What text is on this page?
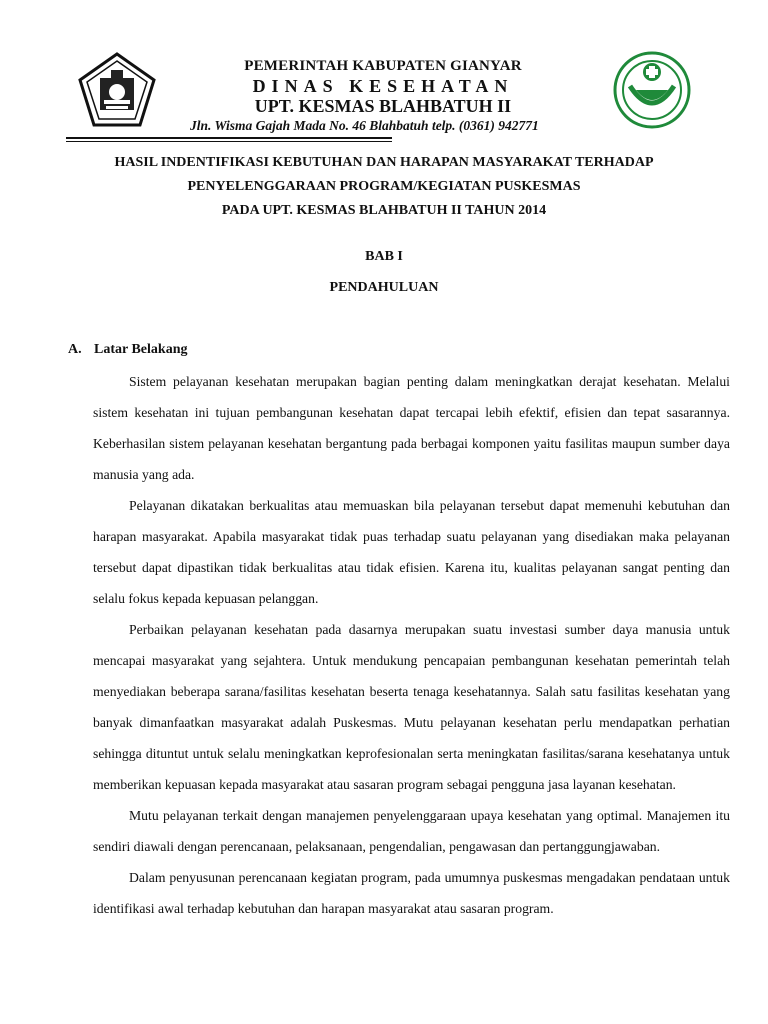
PEMERINTAH KABUPATEN GIANYAR
DINAS KESEHATAN
UPT. KESMAS BLAHBATUH II
Jln. Wisma Gajah Mada No. 46 Blahbatuh telp. (0361) 942771
HASIL INDENTIFIKASI KEBUTUHAN DAN HARAPAN MASYARAKAT TERHADAP
PENYELENGGARAAN PROGRAM/KEGIATAN PUSKESMAS
PADA UPT. KESMAS BLAHBATUH II TAHUN 2014
BAB I
PENDAHULUAN
A. Latar Belakang

Sistem pelayanan kesehatan merupakan bagian penting dalam meningkatkan derajat kesehatan. Melalui sistem kesehatan ini tujuan pembangunan kesehatan dapat tercapai lebih efektif, efisien dan tepat sasarannya. Keberhasilan sistem pelayanan kesehatan bergantung pada berbagai komponen yaitu fasilitas maupun sumber daya manusia yang ada.

Pelayanan dikatakan berkualitas atau memuaskan bila pelayanan tersebut dapat memenuhi kebutuhan dan harapan masyarakat. Apabila masyarakat tidak puas terhadap suatu pelayanan yang disediakan maka pelayanan tersebut dapat dipastikan tidak berkualitas atau tidak efisien. Karena itu, kualitas pelayanan sangat penting dan selalu fokus kepada kepuasan pelanggan.

Perbaikan pelayanan kesehatan pada dasarnya merupakan suatu investasi sumber daya manusia untuk mencapai masyarakat yang sejahtera. Untuk mendukung pencapaian pembangunan kesehatan pemerintah telah menyediakan beberapa sarana/fasilitas kesehatan beserta tenaga kesehatannya. Salah satu fasilitas kesehatan yang banyak dimanfaatkan masyarakat adalah Puskesmas. Mutu pelayanan kesehatan perlu mendapatkan perhatian sehingga dituntut untuk selalu meningkatkan keprofesionalan serta meningkatan fasilitas/sarana kesehatanya untuk memberikan kepuasan kepada masyarakat atau sasaran program sebagai pengguna jasa layanan kesehatan.

Mutu pelayanan terkait dengan manajemen penyelenggaraan upaya kesehatan yang optimal. Manajemen itu sendiri diawali dengan perencanaan, pelaksanaan, pengendalian, pengawasan dan pertanggungjawaban.

Dalam penyusunan perencanaan kegiatan program, pada umumnya puskesmas mengadakan pendataan untuk identifikasi awal terhadap kebutuhan dan harapan masyarakat atau sasaran program.
